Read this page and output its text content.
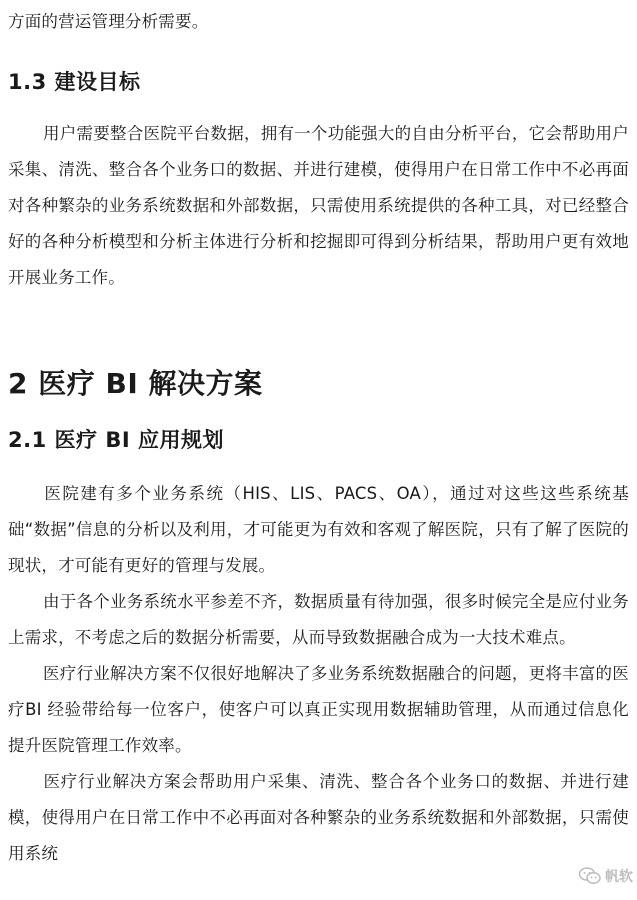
方面的营运管理分析需要。
1.3 建设目标

用户需要整合医院平台数据，拥有一个功能强大的自由分析平台，它会帮助用户采集、清洗、整合各个业务口的数据、并进行建模，使得用户在日常工作中不必再面对各种繁杂的业务系统数据和外部数据，只需使用系统提供的各种工具，对已经整合好的各种分析模型和分析主体进行分析和挖掘即可得到分析结果，帮助用户更有效地开展业务工作。

2 医疗 BI 解决方案
2.1 医疗 BI 应用规划

医院建有多个业务系统（HIS、LIS、PACS、OA），通过对这些这些系统基础“数据”信息的分析以及利用，才可能更为有效和客观了解医院，只有了解了医院的现状，才可能有更好的管理与发展。

由于各个业务系统水平参差不齐，数据质量有待加强，很多时候完全是应付业务上需求，不考虑之后的数据分析需要，从而导致数据融合成为一大技术难点。

医疗行业解决方案不仅很好地解决了多业务系统数据融合的问题，更将丰富的医疗BI 经验带给每一位客户，使客户可以真正实现用数据辅助管理，从而通过信息化提升医院管理工作效率。

医疗行业解决方案会帮助用户采集、清洗、整合各个业务口的数据、并进行建模，使得用户在日常工作中不必再面对各种繁杂的业务系统数据和外部数据，只需使用系统

帆软
